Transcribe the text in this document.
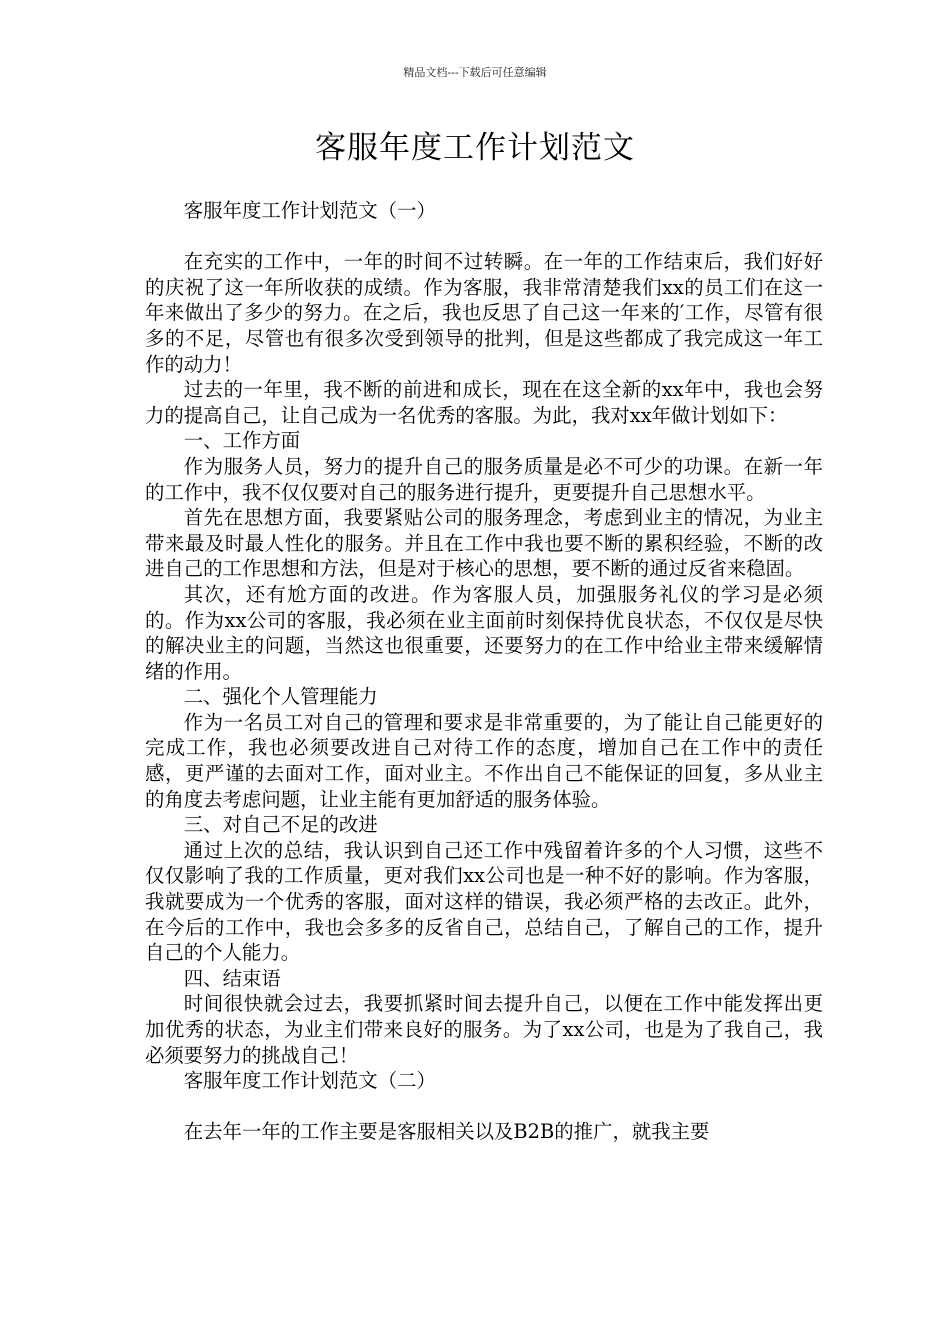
精品文档---下载后可任意编辑
客服年度工作计划范文

客服年度工作计划范文（一）

在充实的工作中，一年的时间不过转瞬。在一年的工作结束后，我们好好的庆祝了这一年所收获的成绩。作为客服，我非常清楚我们xx的员工们在这一年来做出了多少的努力。在之后，我也反思了自己这一年来的′工作，尽管有很多的不足，尽管也有很多次受到领导的批判，但是这些都成了我完成这一年工作的动力！

过去的一年里，我不断的前进和成长，现在在这全新的xx年中，我也会努力的提高自己，让自己成为一名优秀的客服。为此，我对xx年做计划如下：

一、工作方面

作为服务人员，努力的提升自己的服务质量是必不可少的功课。在新一年的工作中，我不仅仅要对自己的服务进行提升，更要提升自己思想水平。

首先在思想方面，我要紧贴公司的服务理念，考虑到业主的情况，为业主带来最及时最人性化的服务。并且在工作中我也要不断的累积经验，不断的改进自己的工作思想和方法，但是对于核心的思想，要不断的通过反省来稳固。

其次，还有尬方面的改进。作为客服人员，加强服务礼仪的学习是必须的。作为xx公司的客服，我必须在业主面前时刻保持优良状态，不仅仅是尽快的解决业主的问题，当然这也很重要，还要努力的在工作中给业主带来缓解情绪的作用。

二、强化个人管理能力

作为一名员工对自己的管理和要求是非常重要的，为了能让自己能更好的完成工作，我也必须要改进自己对待工作的态度，增加自己在工作中的责任感，更严谨的去面对工作，面对业主。不作出自己不能保证的回复，多从业主的角度去考虑问题，让业主能有更加舒适的服务体验。

三、对自己不足的改进

通过上次的总结，我认识到自己还工作中残留着许多的个人习惯，这些不仅仅影响了我的工作质量，更对我们xx公司也是一种不好的影响。作为客服，我就要成为一个优秀的客服，面对这样的错误，我必须严格的去改正。此外，在今后的工作中，我也会多多的反省自己，总结自己，了解自己的工作，提升自己的个人能力。

四、结束语

时间很快就会过去，我要抓紧时间去提升自己，以便在工作中能发挥出更加优秀的状态，为业主们带来良好的服务。为了xx公司，也是为了我自己，我必须要努力的挑战自己！

客服年度工作计划范文（二）

在去年一年的工作主要是客服相关以及B2B的推广，就我主要
